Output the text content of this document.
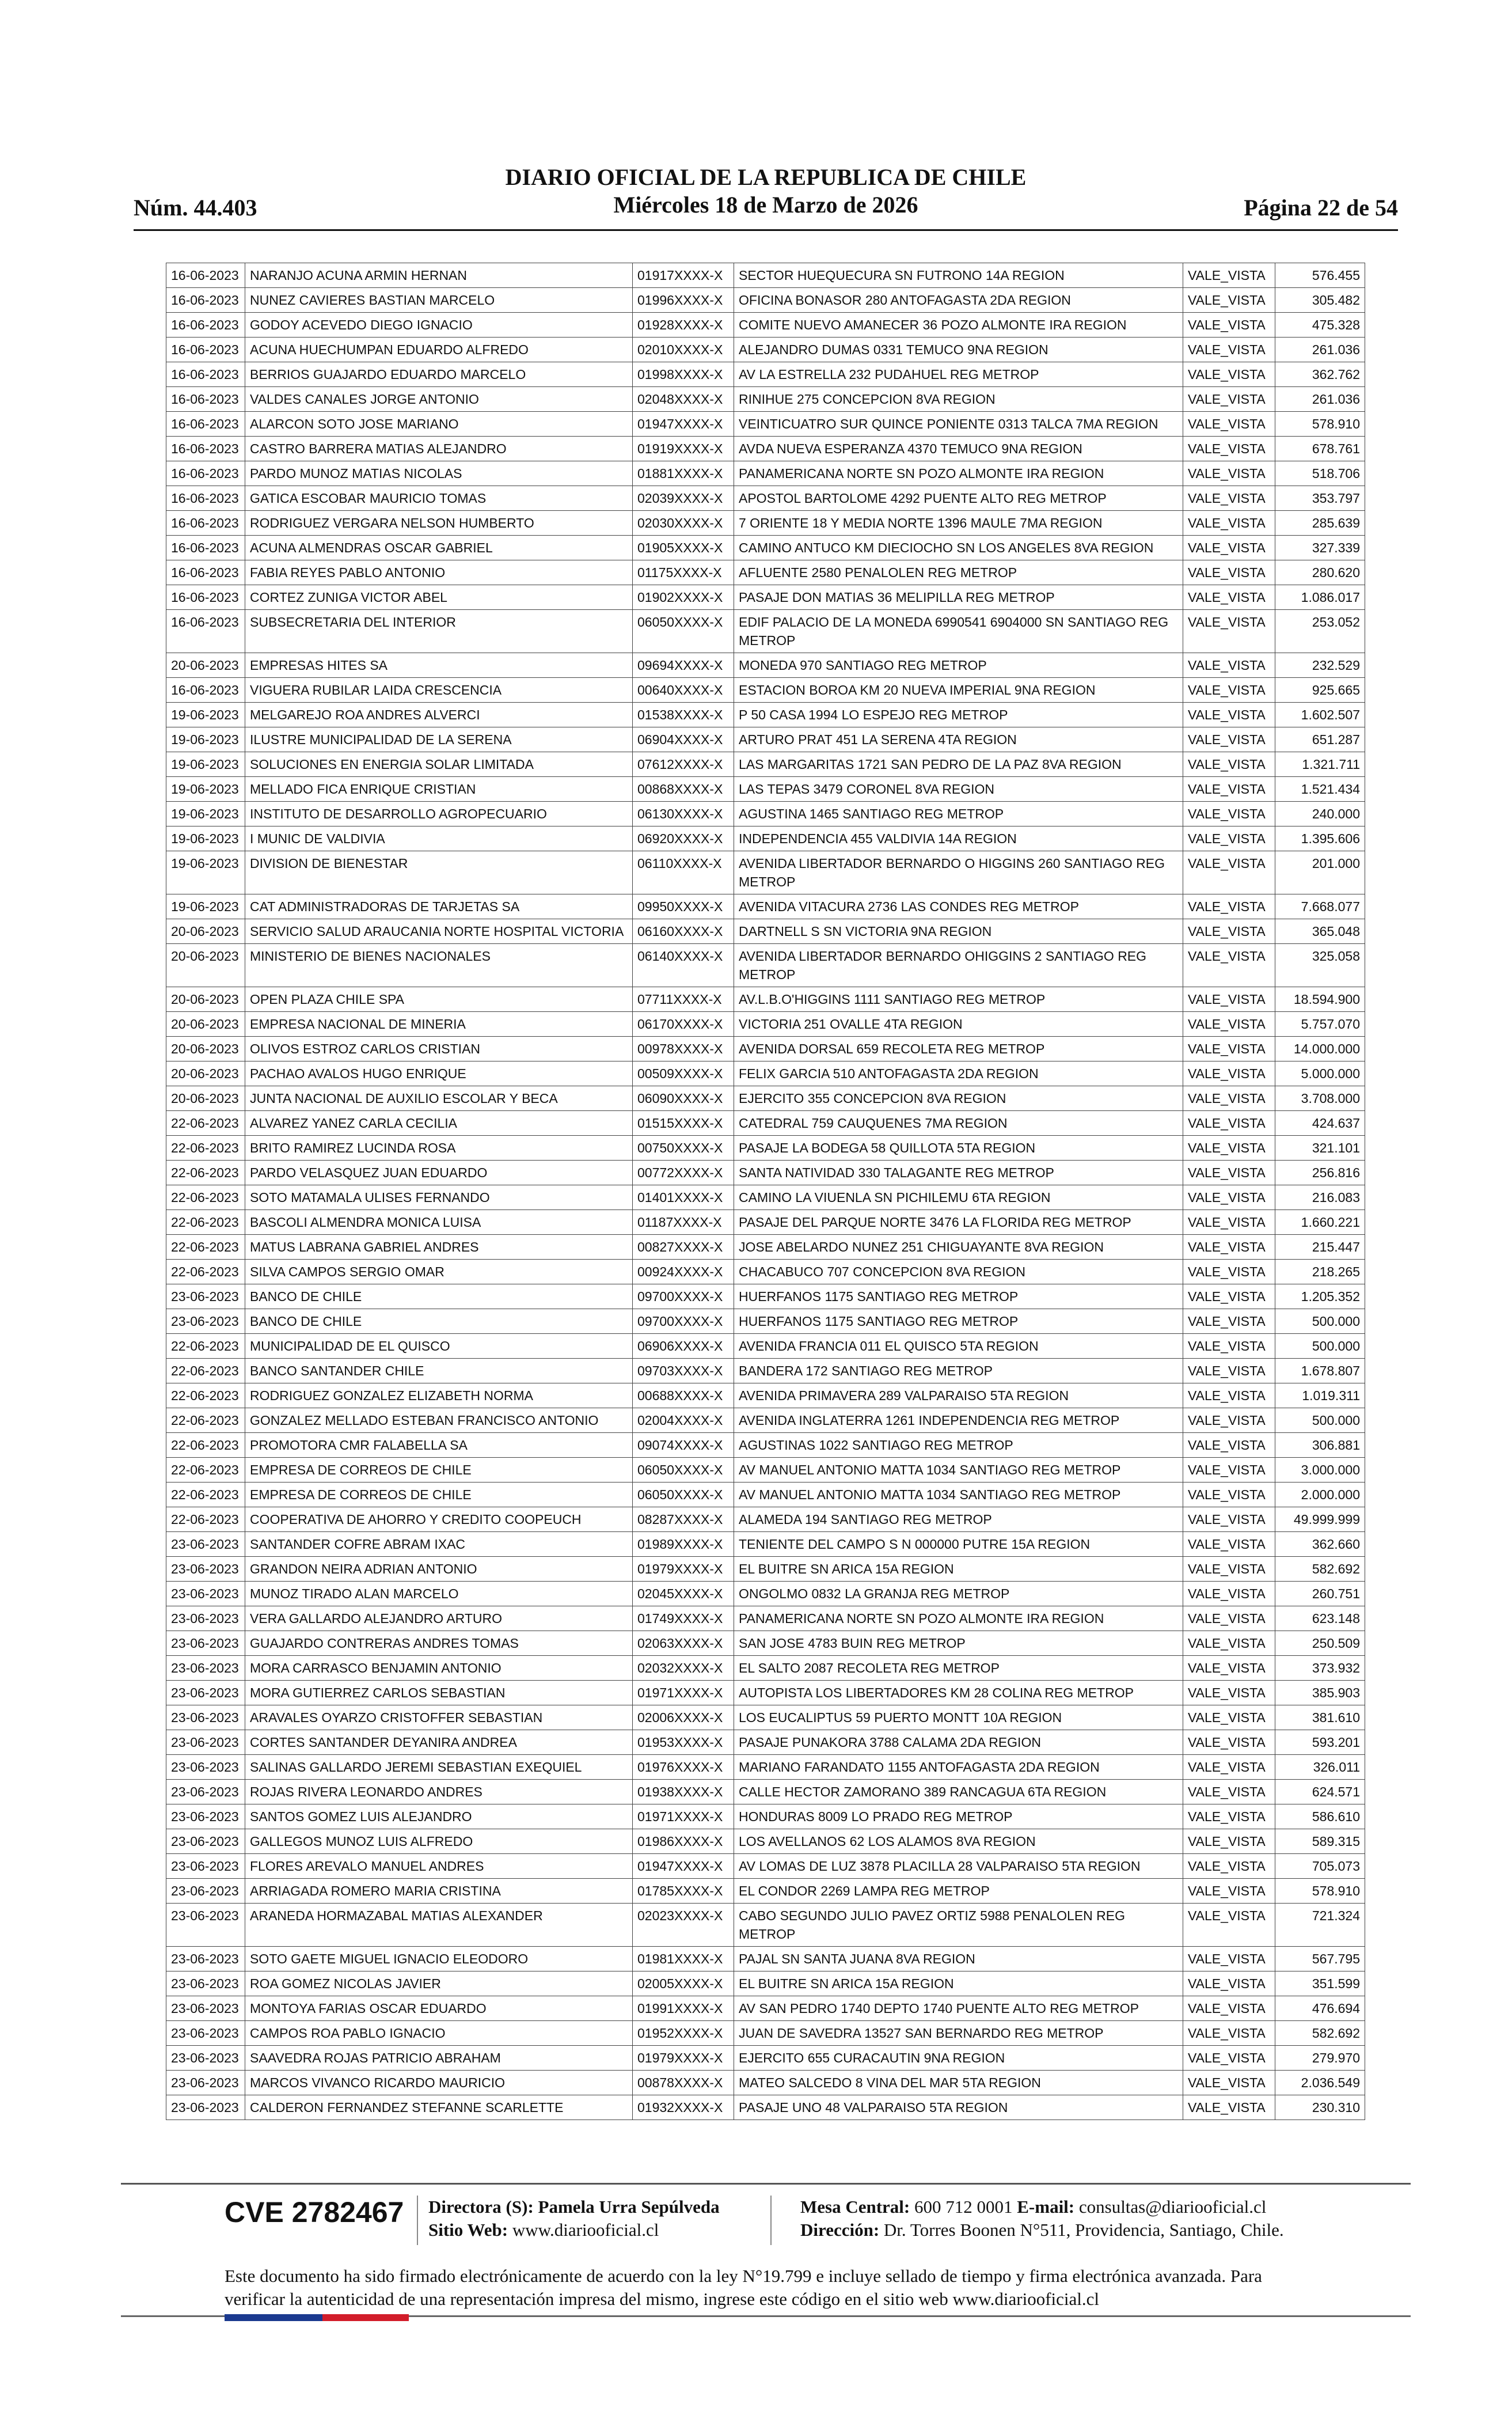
Núm. 44.403
DIARIO OFICIAL DE LA REPUBLICA DE CHILE
Miércoles 18 de Marzo de 2026	Página 22 de 54
16-06-2023	NARANJO ACUNA ARMIN HERNAN	01917XXXX-X	SECTOR HUEQUECURA SN FUTRONO 14A REGION	VALE_VISTA	576.455
16-06-2023	NUNEZ CAVIERES BASTIAN MARCELO	01996XXXX-X	OFICINA BONASOR 280 ANTOFAGASTA 2DA REGION	VALE_VISTA	305.482
16-06-2023	GODOY ACEVEDO DIEGO IGNACIO	01928XXXX-X	COMITE NUEVO AMANECER 36 POZO ALMONTE IRA REGION	VALE_VISTA	475.328
16-06-2023	ACUNA HUECHUMPAN EDUARDO ALFREDO	02010XXXX-X	ALEJANDRO DUMAS 0331 TEMUCO 9NA REGION	VALE_VISTA	261.036
16-06-2023	BERRIOS GUAJARDO EDUARDO MARCELO	01998XXXX-X	AV LA ESTRELLA 232 PUDAHUEL REG METROP	VALE_VISTA	362.762
16-06-2023	VALDES CANALES JORGE ANTONIO	02048XXXX-X	RINIHUE 275 CONCEPCION 8VA REGION	VALE_VISTA	261.036
16-06-2023	ALARCON SOTO JOSE MARIANO	01947XXXX-X	VEINTICUATRO SUR QUINCE PONIENTE 0313 TALCA 7MA REGION	VALE_VISTA	578.910
16-06-2023	CASTRO BARRERA MATIAS ALEJANDRO	01919XXXX-X	AVDA NUEVA ESPERANZA 4370 TEMUCO 9NA REGION	VALE_VISTA	678.761
16-06-2023	PARDO MUNOZ MATIAS NICOLAS	01881XXXX-X	PANAMERICANA NORTE SN POZO ALMONTE IRA REGION	VALE_VISTA	518.706
16-06-2023	GATICA ESCOBAR MAURICIO TOMAS	02039XXXX-X	APOSTOL BARTOLOME 4292 PUENTE ALTO REG METROP	VALE_VISTA	353.797
16-06-2023	RODRIGUEZ VERGARA NELSON HUMBERTO	02030XXXX-X	7 ORIENTE 18 Y MEDIA NORTE 1396 MAULE 7MA REGION	VALE_VISTA	285.639
16-06-2023	ACUNA ALMENDRAS OSCAR GABRIEL	01905XXXX-X	CAMINO ANTUCO KM DIECIOCHO SN LOS ANGELES 8VA REGION	VALE_VISTA	327.339
16-06-2023	FABIA REYES PABLO ANTONIO	01175XXXX-X	AFLUENTE 2580 PENALOLEN REG METROP	VALE_VISTA	280.620
16-06-2023	CORTEZ ZUNIGA VICTOR ABEL	01902XXXX-X	PASAJE DON MATIAS 36 MELIPILLA REG METROP	VALE_VISTA	1.086.017
16-06-2023	SUBSECRETARIA DEL INTERIOR	06050XXXX-X	EDIF PALACIO DE LA MONEDA 6990541 6904000 SN SANTIAGO REG METROP	VALE_VISTA	253.052
20-06-2023	EMPRESAS HITES SA	09694XXXX-X	MONEDA 970 SANTIAGO REG METROP	VALE_VISTA	232.529
16-06-2023	VIGUERA RUBILAR LAIDA CRESCENCIA	00640XXXX-X	ESTACION BOROA KM 20 NUEVA IMPERIAL 9NA REGION	VALE_VISTA	925.665
19-06-2023	MELGAREJO ROA ANDRES ALVERCI	01538XXXX-X	P 50 CASA 1994 LO ESPEJO REG METROP	VALE_VISTA	1.602.507
19-06-2023	ILUSTRE MUNICIPALIDAD DE LA SERENA	06904XXXX-X	ARTURO PRAT 451 LA SERENA 4TA REGION	VALE_VISTA	651.287
19-06-2023	SOLUCIONES EN ENERGIA SOLAR LIMITADA	07612XXXX-X	LAS MARGARITAS 1721 SAN PEDRO DE LA PAZ 8VA REGION	VALE_VISTA	1.321.711
19-06-2023	MELLADO FICA ENRIQUE CRISTIAN	00868XXXX-X	LAS TEPAS 3479 CORONEL 8VA REGION	VALE_VISTA	1.521.434
19-06-2023	INSTITUTO DE DESARROLLO AGROPECUARIO	06130XXXX-X	AGUSTINA 1465 SANTIAGO REG METROP	VALE_VISTA	240.000
19-06-2023	I MUNIC DE VALDIVIA	06920XXXX-X	INDEPENDENCIA 455 VALDIVIA 14A REGION	VALE_VISTA	1.395.606
19-06-2023	DIVISION DE BIENESTAR	06110XXXX-X	AVENIDA LIBERTADOR BERNARDO O HIGGINS 260 SANTIAGO REG METROP	VALE_VISTA	201.000
19-06-2023	CAT ADMINISTRADORAS DE TARJETAS SA	09950XXXX-X	AVENIDA VITACURA 2736 LAS CONDES REG METROP	VALE_VISTA	7.668.077
20-06-2023	SERVICIO SALUD ARAUCANIA NORTE HOSPITAL VICTORIA	06160XXXX-X	DARTNELL S SN VICTORIA 9NA REGION	VALE_VISTA	365.048
20-06-2023	MINISTERIO DE BIENES NACIONALES	06140XXXX-X	AVENIDA LIBERTADOR BERNARDO OHIGGINS 2 SANTIAGO REG METROP	VALE_VISTA	325.058
20-06-2023	OPEN PLAZA CHILE SPA	07711XXXX-X	AV.L.B.O'HIGGINS 1111 SANTIAGO REG METROP	VALE_VISTA	18.594.900
20-06-2023	EMPRESA NACIONAL DE MINERIA	06170XXXX-X	VICTORIA 251 OVALLE 4TA REGION	VALE_VISTA	5.757.070
20-06-2023	OLIVOS ESTROZ CARLOS CRISTIAN	00978XXXX-X	AVENIDA DORSAL 659 RECOLETA REG METROP	VALE_VISTA	14.000.000
20-06-2023	PACHAO AVALOS HUGO ENRIQUE	00509XXXX-X	FELIX GARCIA 510 ANTOFAGASTA 2DA REGION	VALE_VISTA	5.000.000
20-06-2023	JUNTA NACIONAL DE AUXILIO ESCOLAR Y BECA	06090XXXX-X	EJERCITO 355 CONCEPCION 8VA REGION	VALE_VISTA	3.708.000
22-06-2023	ALVAREZ YANEZ CARLA CECILIA	01515XXXX-X	CATEDRAL 759 CAUQUENES 7MA REGION	VALE_VISTA	424.637
22-06-2023	BRITO RAMIREZ LUCINDA ROSA	00750XXXX-X	PASAJE LA BODEGA 58 QUILLOTA 5TA REGION	VALE_VISTA	321.101
22-06-2023	PARDO VELASQUEZ JUAN EDUARDO	00772XXXX-X	SANTA NATIVIDAD 330 TALAGANTE REG METROP	VALE_VISTA	256.816
22-06-2023	SOTO MATAMALA ULISES FERNANDO	01401XXXX-X	CAMINO LA VIUENLA SN PICHILEMU 6TA REGION	VALE_VISTA	216.083
22-06-2023	BASCOLI ALMENDRA MONICA LUISA	01187XXXX-X	PASAJE DEL PARQUE NORTE 3476 LA FLORIDA REG METROP	VALE_VISTA	1.660.221
22-06-2023	MATUS LABRANA GABRIEL ANDRES	00827XXXX-X	JOSE ABELARDO NUNEZ 251 CHIGUAYANTE 8VA REGION	VALE_VISTA	215.447
22-06-2023	SILVA CAMPOS SERGIO OMAR	00924XXXX-X	CHACABUCO 707 CONCEPCION 8VA REGION	VALE_VISTA	218.265
23-06-2023	BANCO DE CHILE	09700XXXX-X	HUERFANOS 1175 SANTIAGO REG METROP	VALE_VISTA	1.205.352
23-06-2023	BANCO DE CHILE	09700XXXX-X	HUERFANOS 1175 SANTIAGO REG METROP	VALE_VISTA	500.000
22-06-2023	MUNICIPALIDAD DE EL QUISCO	06906XXXX-X	AVENIDA FRANCIA 011 EL QUISCO 5TA REGION	VALE_VISTA	500.000
22-06-2023	BANCO SANTANDER CHILE	09703XXXX-X	BANDERA 172 SANTIAGO REG METROP	VALE_VISTA	1.678.807
22-06-2023	RODRIGUEZ GONZALEZ ELIZABETH NORMA	00688XXXX-X	AVENIDA PRIMAVERA 289 VALPARAISO 5TA REGION	VALE_VISTA	1.019.311
22-06-2023	GONZALEZ MELLADO ESTEBAN FRANCISCO ANTONIO	02004XXXX-X	AVENIDA INGLATERRA 1261 INDEPENDENCIA REG METROP	VALE_VISTA	500.000
22-06-2023	PROMOTORA CMR FALABELLA SA	09074XXXX-X	AGUSTINAS 1022 SANTIAGO REG METROP	VALE_VISTA	306.881
22-06-2023	EMPRESA DE CORREOS DE CHILE	06050XXXX-X	AV MANUEL ANTONIO MATTA 1034 SANTIAGO REG METROP	VALE_VISTA	3.000.000
22-06-2023	EMPRESA DE CORREOS DE CHILE	06050XXXX-X	AV MANUEL ANTONIO MATTA 1034 SANTIAGO REG METROP	VALE_VISTA	2.000.000
22-06-2023	COOPERATIVA DE AHORRO Y CREDITO COOPEUCH	08287XXXX-X	ALAMEDA 194 SANTIAGO REG METROP	VALE_VISTA	49.999.999
23-06-2023	SANTANDER COFRE ABRAM IXAC	01989XXXX-X	TENIENTE DEL CAMPO S N 000000 PUTRE 15A REGION	VALE_VISTA	362.660
23-06-2023	GRANDON NEIRA ADRIAN ANTONIO	01979XXXX-X	EL BUITRE SN ARICA 15A REGION	VALE_VISTA	582.692
23-06-2023	MUNOZ TIRADO ALAN MARCELO	02045XXXX-X	ONGOLMO 0832 LA GRANJA REG METROP	VALE_VISTA	260.751
23-06-2023	VERA GALLARDO ALEJANDRO ARTURO	01749XXXX-X	PANAMERICANA NORTE SN POZO ALMONTE IRA REGION	VALE_VISTA	623.148
23-06-2023	GUAJARDO CONTRERAS ANDRES TOMAS	02063XXXX-X	SAN JOSE 4783 BUIN REG METROP	VALE_VISTA	250.509
23-06-2023	MORA CARRASCO BENJAMIN ANTONIO	02032XXXX-X	EL SALTO 2087 RECOLETA REG METROP	VALE_VISTA	373.932
23-06-2023	MORA GUTIERREZ CARLOS SEBASTIAN	01971XXXX-X	AUTOPISTA LOS LIBERTADORES KM 28 COLINA REG METROP	VALE_VISTA	385.903
23-06-2023	ARAVALES OYARZO CRISTOFFER SEBASTIAN	02006XXXX-X	LOS EUCALIPTUS 59 PUERTO MONTT 10A REGION	VALE_VISTA	381.610
23-06-2023	CORTES SANTANDER DEYANIRA ANDREA	01953XXXX-X	PASAJE PUNAKORA 3788 CALAMA 2DA REGION	VALE_VISTA	593.201
23-06-2023	SALINAS GALLARDO JEREMI SEBASTIAN EXEQUIEL	01976XXXX-X	MARIANO FARANDATO 1155 ANTOFAGASTA 2DA REGION	VALE_VISTA	326.011
23-06-2023	ROJAS RIVERA LEONARDO ANDRES	01938XXXX-X	CALLE HECTOR ZAMORANO 389 RANCAGUA 6TA REGION	VALE_VISTA	624.571
23-06-2023	SANTOS GOMEZ LUIS ALEJANDRO	01971XXXX-X	HONDURAS 8009 LO PRADO REG METROP	VALE_VISTA	586.610
23-06-2023	GALLEGOS MUNOZ LUIS ALFREDO	01986XXXX-X	LOS AVELLANOS 62 LOS ALAMOS 8VA REGION	VALE_VISTA	589.315
23-06-2023	FLORES AREVALO MANUEL ANDRES	01947XXXX-X	AV LOMAS DE LUZ 3878 PLACILLA 28 VALPARAISO 5TA REGION	VALE_VISTA	705.073
23-06-2023	ARRIAGADA ROMERO MARIA CRISTINA	01785XXXX-X	EL CONDOR 2269 LAMPA REG METROP	VALE_VISTA	578.910
23-06-2023	ARANEDA HORMAZABAL MATIAS ALEXANDER	02023XXXX-X	CABO SEGUNDO JULIO PAVEZ ORTIZ 5988 PENALOLEN REG METROP	VALE_VISTA	721.324
23-06-2023	SOTO GAETE MIGUEL IGNACIO ELEODORO	01981XXXX-X	PAJAL SN SANTA JUANA 8VA REGION	VALE_VISTA	567.795
23-06-2023	ROA GOMEZ NICOLAS JAVIER	02005XXXX-X	EL BUITRE SN ARICA 15A REGION	VALE_VISTA	351.599
23-06-2023	MONTOYA FARIAS OSCAR EDUARDO	01991XXXX-X	AV SAN PEDRO 1740 DEPTO 1740 PUENTE ALTO REG METROP	VALE_VISTA	476.694
23-06-2023	CAMPOS ROA PABLO IGNACIO	01952XXXX-X	JUAN DE SAVEDRA 13527 SAN BERNARDO REG METROP	VALE_VISTA	582.692
23-06-2023	SAAVEDRA ROJAS PATRICIO ABRAHAM	01979XXXX-X	EJERCITO 655 CURACAUTIN 9NA REGION	VALE_VISTA	279.970
23-06-2023	MARCOS VIVANCO RICARDO MAURICIO	00878XXXX-X	MATEO SALCEDO 8 VINA DEL MAR 5TA REGION	VALE_VISTA	2.036.549
23-06-2023	CALDERON FERNANDEZ STEFANNE SCARLETTE	01932XXXX-X	PASAJE UNO 48 VALPARAISO 5TA REGION	VALE_VISTA	230.310
CVE 2782467 Directora (S): Pamela Urra Sepúlveda
Sitio Web: www.diariooficial.cl
Mesa Central: 600 712 0001 E-mail: consultas@diariooficial.cl
Dirección: Dr. Torres Boonen N°511, Providencia, Santiago, Chile.
Este documento ha sido firmado electrónicamente de acuerdo con la ley N°19.799 e incluye sellado de tiempo y firma electrónica avanzada. Para verificar la autenticidad de una representación impresa del mismo, ingrese este código en el sitio web www.diariooficial.cl
